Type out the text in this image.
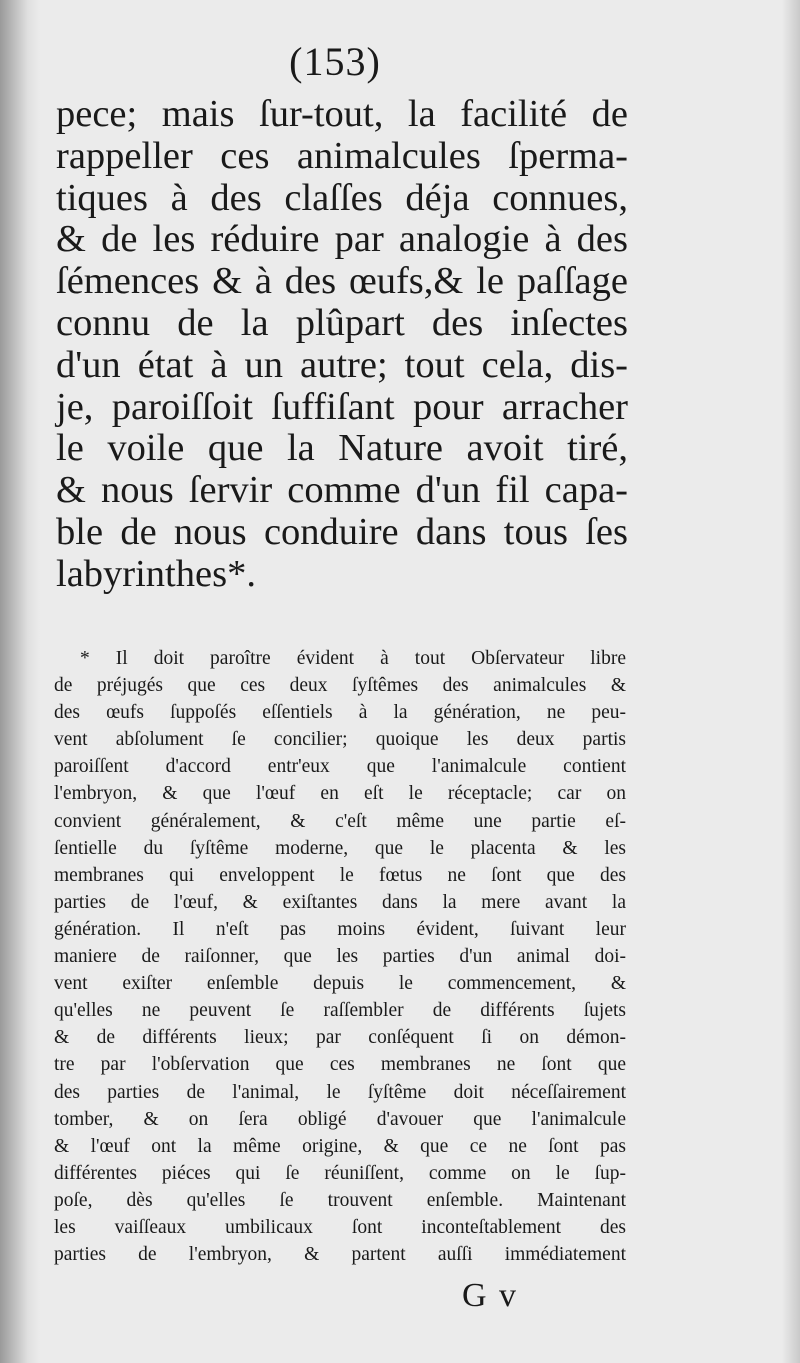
(153)
pece; mais ſur-tout, la facilité de
rappeller ces animalcules ſperma-
tiques à des claſſes déja connues,
& de les réduire par analogie à des
ſémences & à des œufs,& le paſſage
connu de la plûpart des inſectes
d'un état à un autre; tout cela, dis-
je, paroiſſoit ſuffiſant pour arracher
le voile que la Nature avoit tiré,
& nous ſervir comme d'un fil capa-
ble de nous conduire dans tous ſes
labyrinthes*.
* Il doit paroître évident à tout Obſervateur libre
de préjugés que ces deux ſyſtêmes des animalcules &
des œufs ſuppoſés eſſentiels à la génération, ne peu-
vent abſolument ſe concilier; quoique les deux partis
paroiſſent d'accord entr'eux que l'animalcule contient
l'embryon, & que l'œuf en eſt le réceptacle; car on
convient généralement, & c'eſt même une partie eſ-
ſentielle du ſyſtême moderne, que le placenta & les
membranes qui enveloppent le fœtus ne ſont que des
parties de l'œuf, & exiſtantes dans la mere avant la
génération. Il n'eſt pas moins évident, ſuivant leur
maniere de raiſonner, que les parties d'un animal doi-
vent exiſter enſemble depuis le commencement, &
qu'elles ne peuvent ſe raſſembler de différents ſujets
& de différents lieux; par conſéquent ſi on démon-
tre par l'obſervation que ces membranes ne ſont que
des parties de l'animal, le ſyſtême doit néceſſairement
tomber, & on ſera obligé d'avouer que l'animalcule
& l'œuf ont la même origine, & que ce ne ſont pas
différentes piéces qui ſe réuniſſent, comme on le ſup-
poſe, dès qu'elles ſe trouvent enſemble. Maintenant
les vaiſſeaux umbilicaux ſont inconteſtablement des
parties de l'embryon, & partent auſſi immédiatement
G v
